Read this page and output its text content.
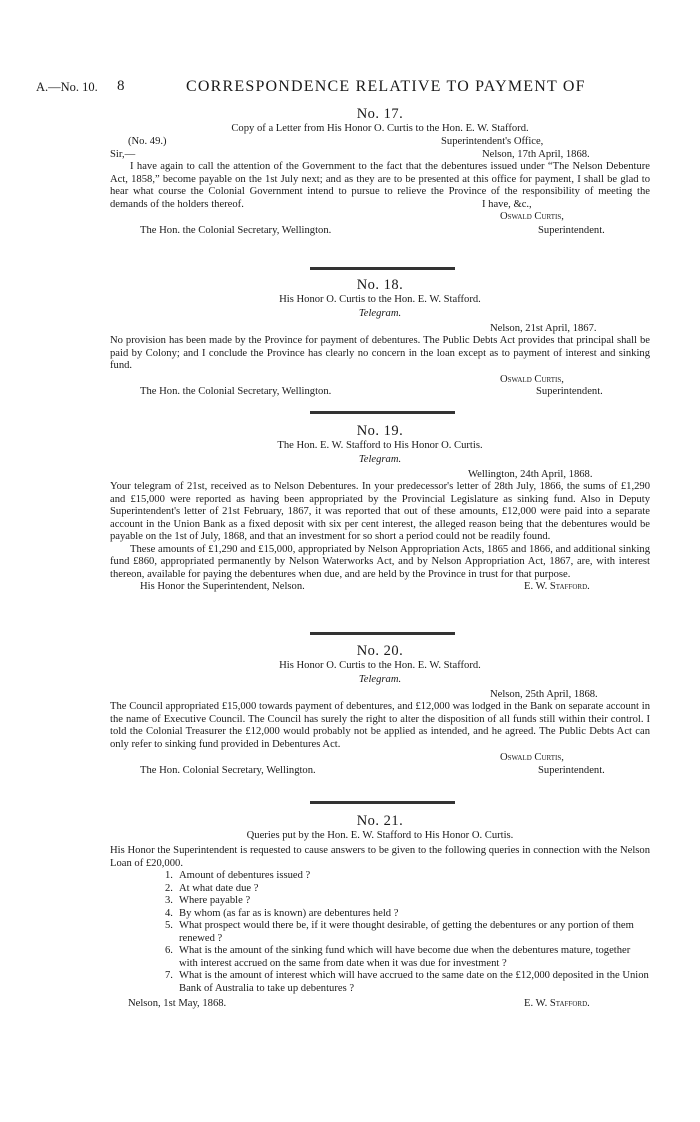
A.—No. 10. 8	CORRESPONDENCE RELATIVE TO PAYMENT OF
No. 17.
Copy of a Letter from His Honor O. Curtis to the Hon. E. W. Stafford.
(No. 49.)	Superintendent's Office,
Sir,—	Nelson, 17th April, 1868.
I have again to call the attention of the Government to the fact that the debentures issued under “The Nelson Debenture Act, 1858,” become payable on the 1st July next; and as they are to be presented at this office for payment, I shall be glad to hear what course the Colonial Government intend to pursue to relieve the Province of the responsibility of meeting the demands of the holders thereof.	I have, &c.,
Oswald Curtis,
The Hon. the Colonial Secretary, Wellington.	Superintendent.
No. 18.
His Honor O. Curtis to the Hon. E. W. Stafford.
Telegram.
Nelson, 21st April, 1867.
No provision has been made by the Province for payment of debentures. The Public Debts Act provides that principal shall be paid by Colony; and I conclude the Province has clearly no concern in the loan except as to payment of interest and sinking fund.
Oswald Curtis,
The Hon. the Colonial Secretary, Wellington.	Superintendent.
No. 19.
The Hon. E. W. Stafford to His Honor O. Curtis.
Telegram.
Wellington, 24th April, 1868.
Your telegram of 21st, received as to Nelson Debentures. In your predecessor's letter of 28th July, 1866, the sums of £1,290 and £15,000 were reported as having been appropriated by the Provincial Legislature as sinking fund. Also in Deputy Superintendent's letter of 21st February, 1867, it was reported that out of these amounts, £12,000 were paid into a separate account in the Union Bank as a fixed deposit with six per cent interest, the alleged reason being that the debentures would be payable on the 1st of July, 1868, and that an investment for so short a period could not be readily found.
These amounts of £1,290 and £15,000, appropriated by Nelson Appropriation Acts, 1865 and 1866, and additional sinking fund £860, appropriated permanently by Nelson Waterworks Act, and by Nelson Appropriation Act, 1867, are, with interest thereon, available for paying the debentures when due, and are held by the Province in trust for that purpose.
His Honor the Superintendent, Nelson.	E. W. Stafford.
No. 20.
His Honor O. Curtis to the Hon. E. W. Stafford.
Telegram.
Nelson, 25th April, 1868.
The Council appropriated £15,000 towards payment of debentures, and £12,000 was lodged in the Bank on separate account in the name of Executive Council. The Council has surely the right to alter the disposition of all funds still within their control. I told the Colonial Treasurer the £12,000 would probably not be applied as intended, and he agreed. The Public Debts Act can only refer to sinking fund provided in Debentures Act.
Oswald Curtis,
The Hon. Colonial Secretary, Wellington.	Superintendent.
No. 21.
Queries put by the Hon. E. W. Stafford to His Honor O. Curtis.
His Honor the Superintendent is requested to cause answers to be given to the following queries in connection with the Nelson Loan of £20,000.
1. Amount of debentures issued ?
2. At what date due ?
3. Where payable ?
4. By whom (as far as is known) are debentures held ?
5. What prospect would there be, if it were thought desirable, of getting the debentures or any portion of them renewed ?
6. What is the amount of the sinking fund which will have become due when the debentures mature, together with interest accrued on the same from date when it was due for investment ?
7. What is the amount of interest which will have accrued to the same date on the £12,000 deposited in the Union Bank of Australia to take up debentures ?
Nelson, 1st May, 1868.	E. W. Stafford.
